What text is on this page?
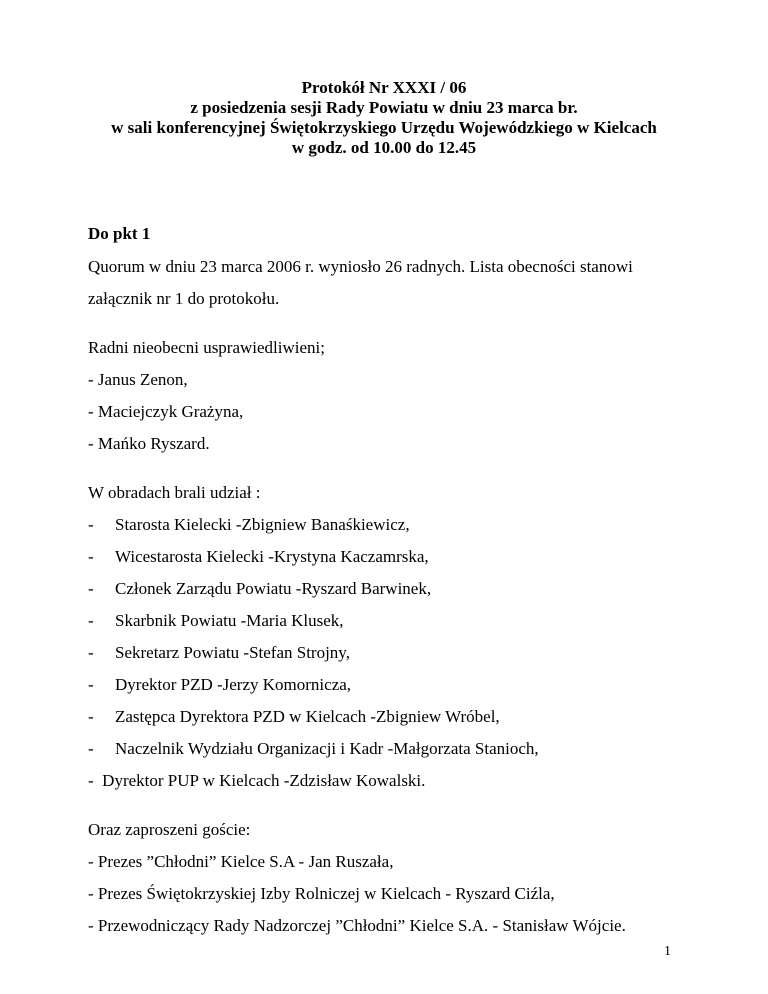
Protokół Nr XXXI / 06
z posiedzenia sesji Rady Powiatu w dniu 23 marca br.
w sali konferencyjnej Świętokrzyskiego Urzędu Wojewódzkiego w Kielcach
w godz. od 10.00 do 12.45
Do pkt 1
Quorum w dniu 23 marca 2006 r. wyniosło 26 radnych. Lista obecności stanowi
załącznik nr 1 do protokołu.
Radni nieobecni usprawiedliwieni;
- Janus Zenon,
- Maciejczyk Grażyna,
- Mańko Ryszard.
W obradach brali udział :
- Starosta Kielecki -Zbigniew Banaśkiewicz,
- Wicestarosta Kielecki -Krystyna Kaczamrska,
- Członek Zarządu Powiatu -Ryszard Barwinek,
- Skarbnik Powiatu -Maria Klusek,
- Sekretarz Powiatu -Stefan Strojny,
- Dyrektor PZD -Jerzy Komornicza,
- Zastępca Dyrektora PZD w Kielcach -Zbigniew Wróbel,
- Naczelnik Wydziału Organizacji i Kadr -Małgorzata Stanioch,
-  Dyrektor PUP w Kielcach -Zdzisław Kowalski.
Oraz zaproszeni goście:
- Prezes ”Chłodni” Kielce S.A - Jan Ruszała,
- Prezes Świętokrzyskiej Izby Rolniczej w Kielcach - Ryszard Ciźla,
- Przewodniczący Rady Nadzorczej ”Chłodni” Kielce S.A. - Stanisław Wójcie.
1
